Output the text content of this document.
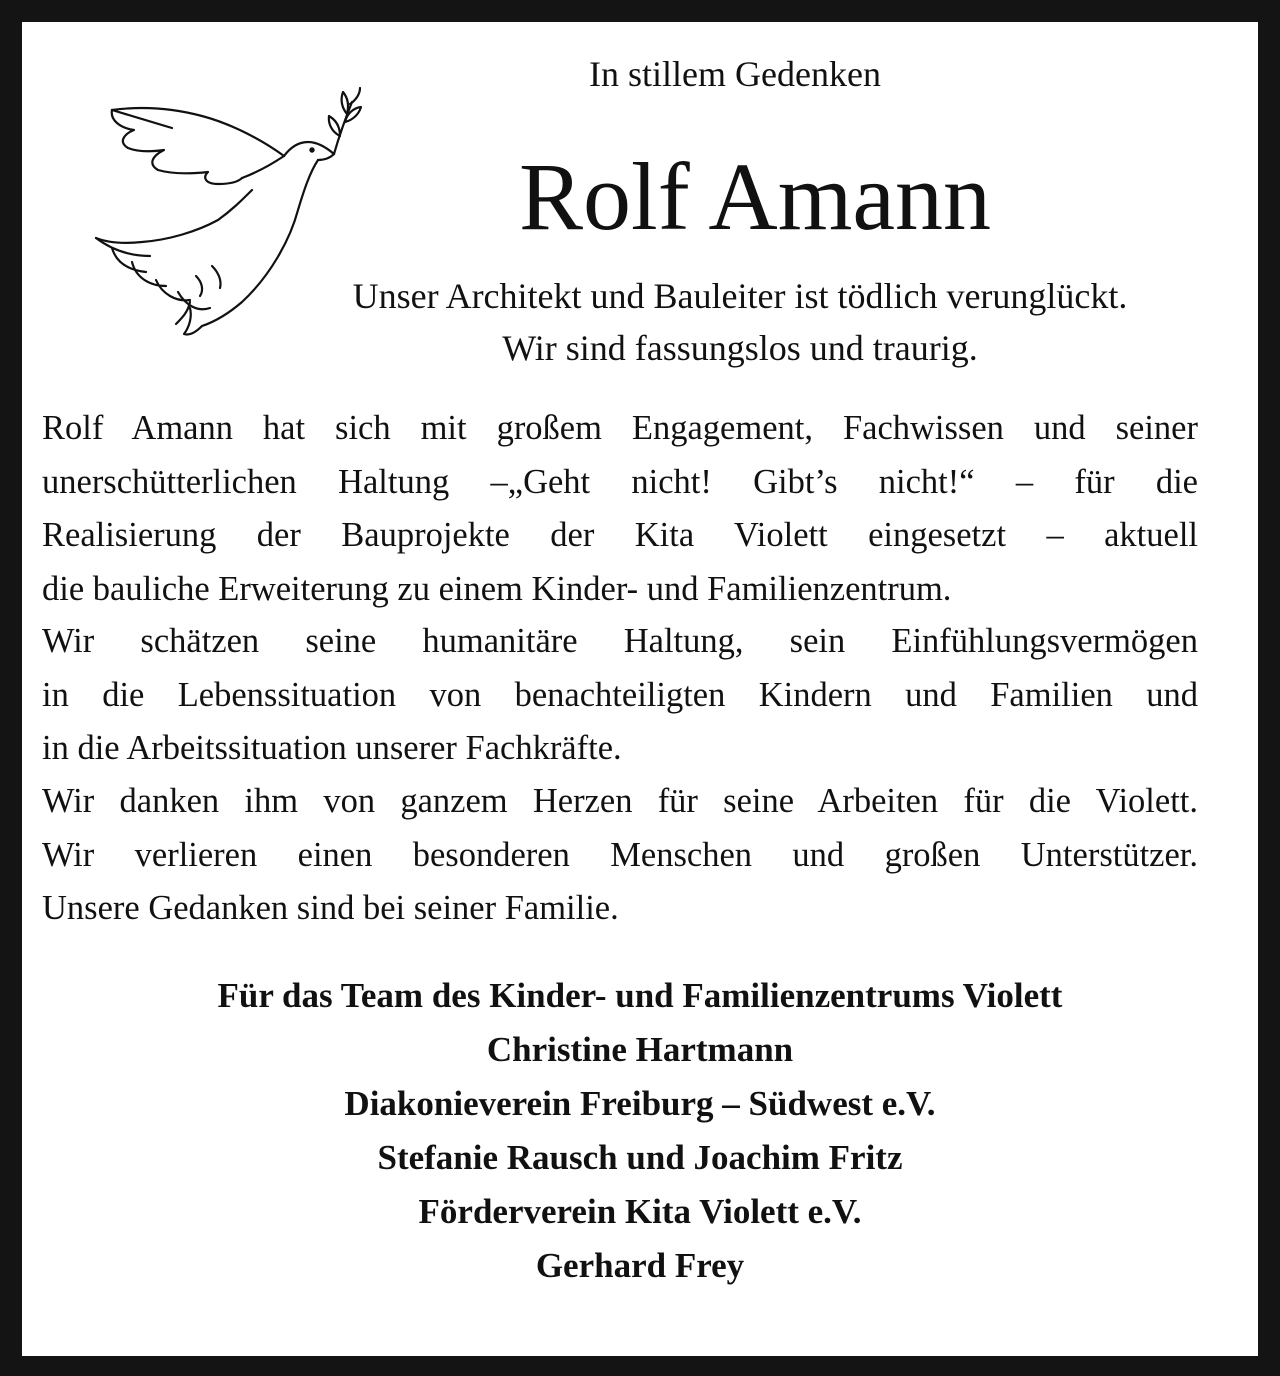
In stillem Gedenken
Rolf Amann
Unser Architekt und Bauleiter ist tödlich verunglückt.
Wir sind fassungslos und traurig.
Rolf Amann hat sich mit großem Engagement, Fachwissen und seiner
unerschütterlichen Haltung –„Geht nicht! Gibt’s nicht!“ – für die
Realisierung der Bauprojekte der Kita Violett eingesetzt – aktuell
die bauliche Erweiterung zu einem Kinder- und Familienzentrum.
Wir schätzen seine humanitäre Haltung, sein Einfühlungsvermögen
in die Lebenssituation von benachteiligten Kindern und Familien und
in die Arbeitssituation unserer Fachkräfte.
Wir danken ihm von ganzem Herzen für seine Arbeiten für die Violett.
Wir verlieren einen besonderen Menschen und großen Unterstützer.
Unsere Gedanken sind bei seiner Familie.
Für das Team des Kinder- und Familienzentrums Violett
Christine Hartmann
Diakonieverein Freiburg – Südwest e.V.
Stefanie Rausch und Joachim Fritz
Förderverein Kita Violett e.V.
Gerhard Frey
